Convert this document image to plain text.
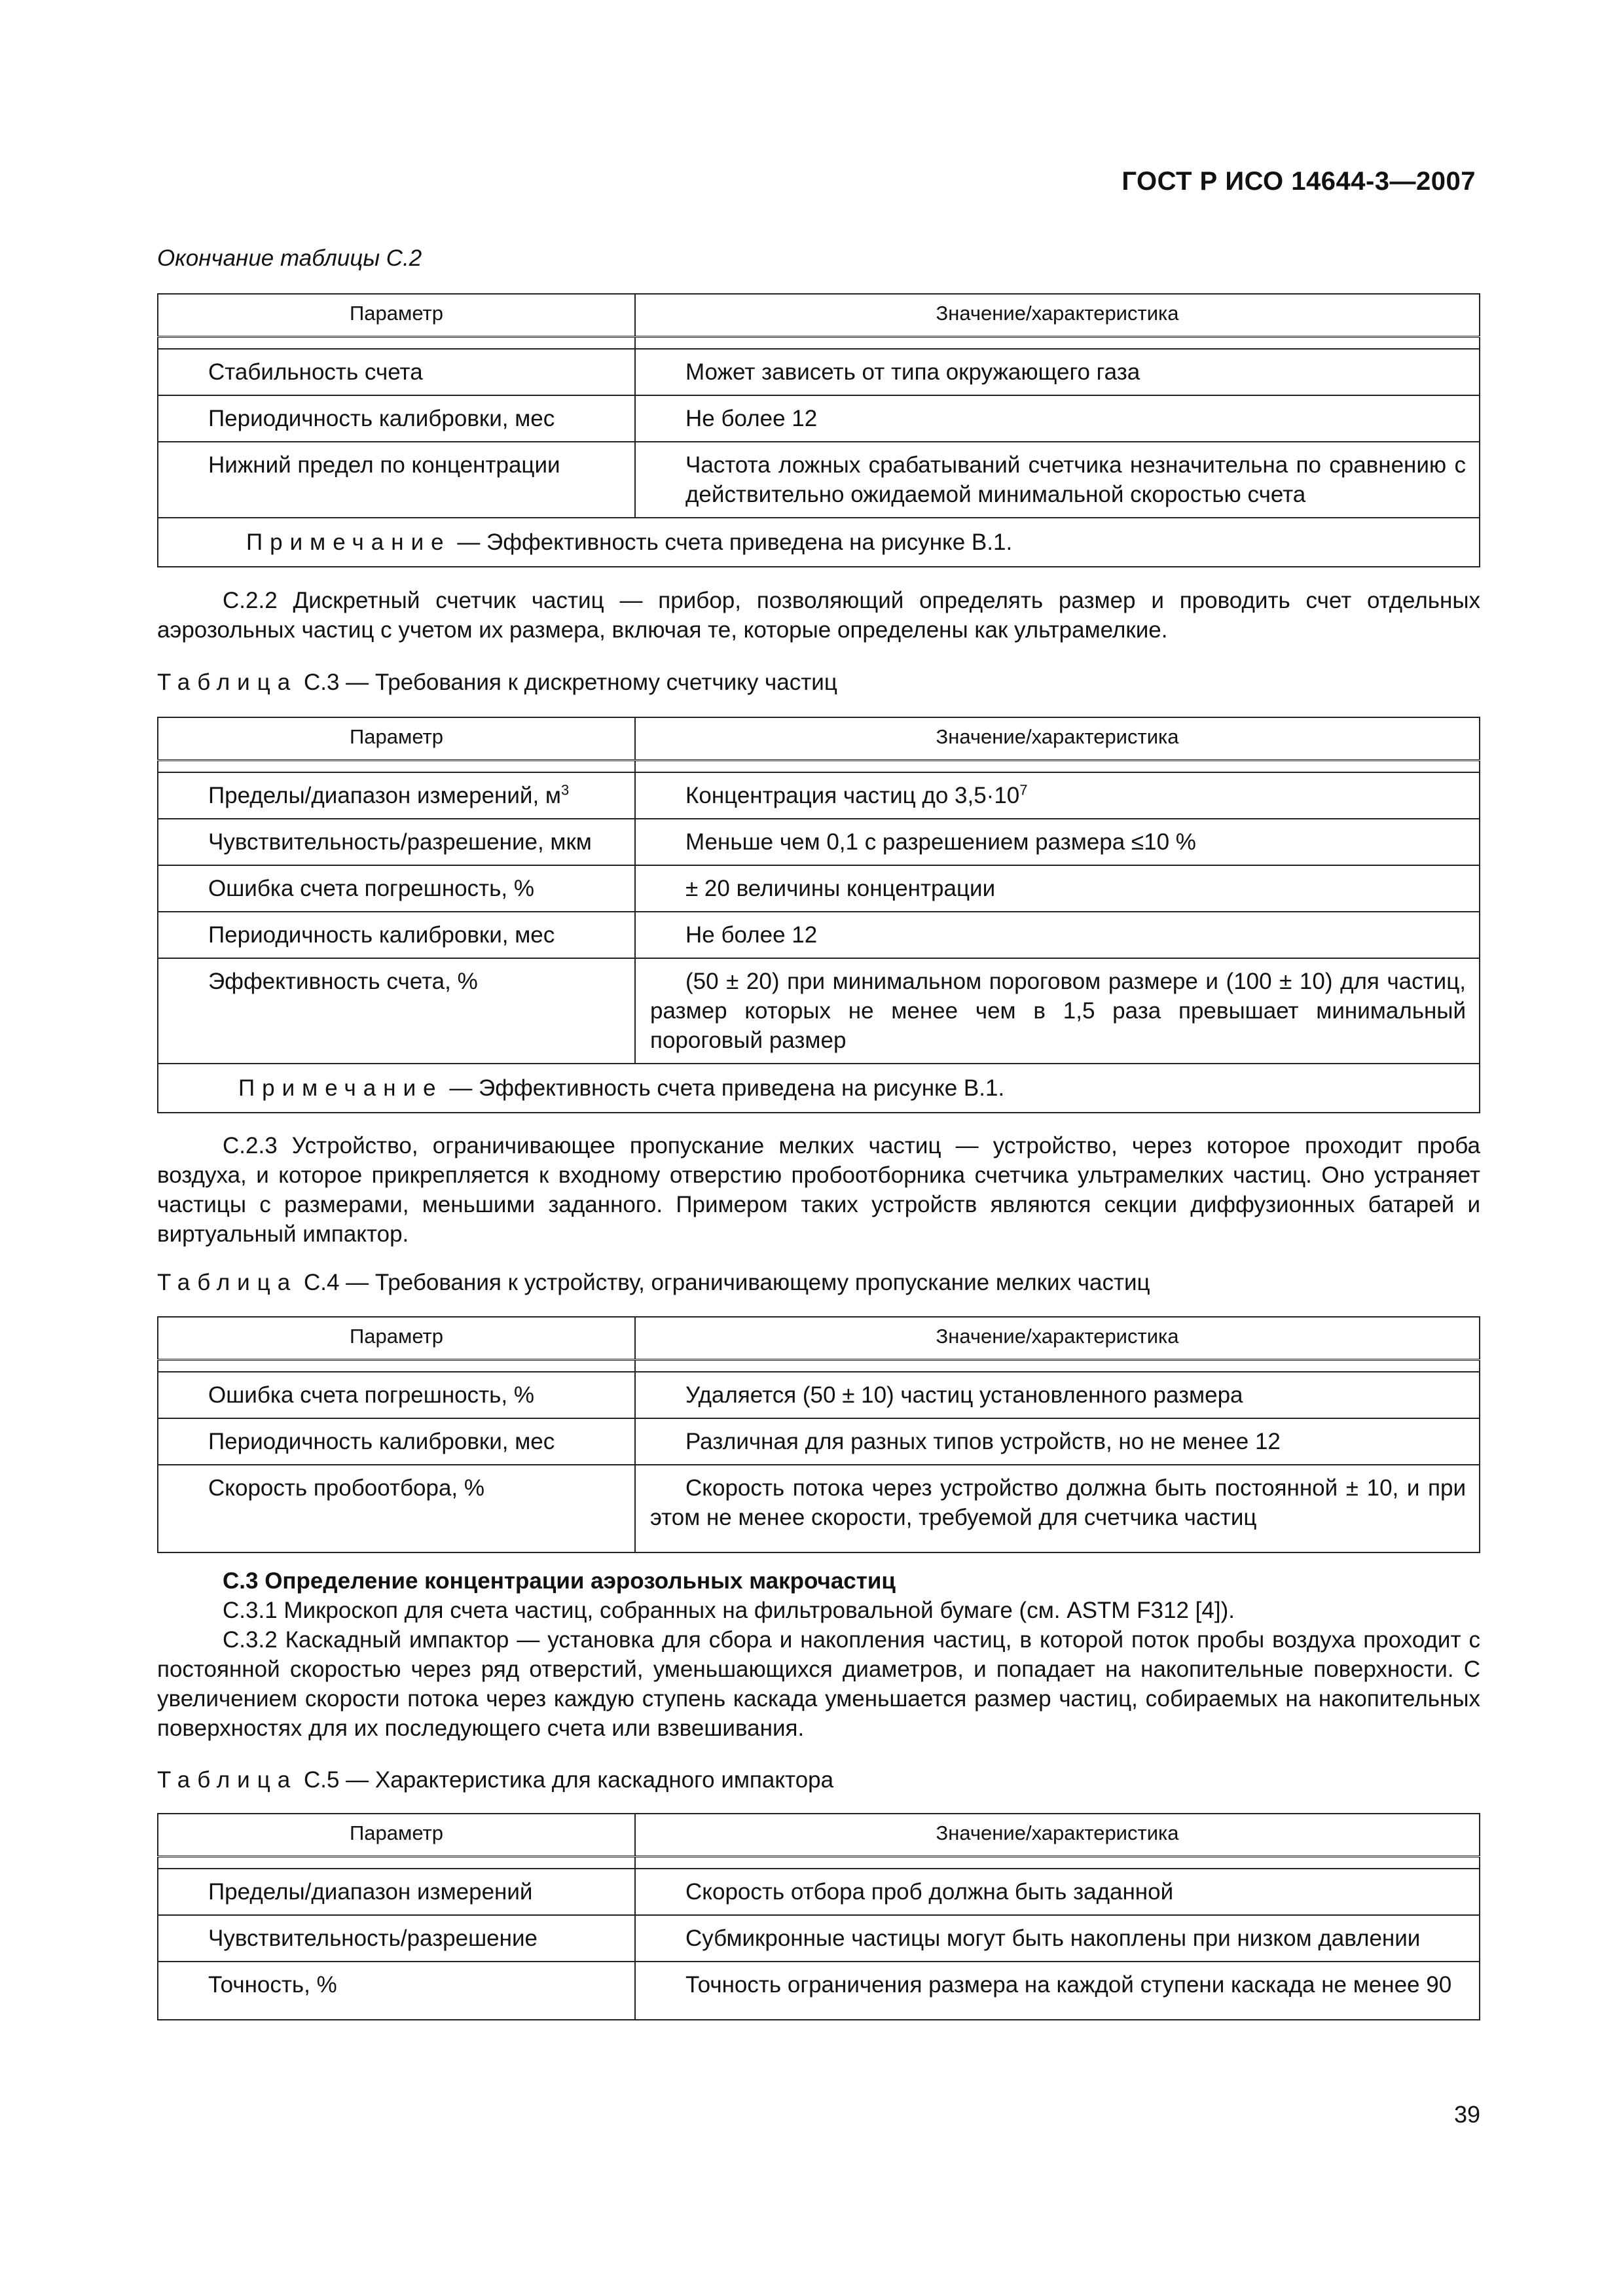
ГОСТ Р ИСО 14644-3—2007
Окончание таблицы С.2
Параметр	Значение/характеристика

Стабильность счета	Может зависеть от типа окружающего газа
Периодичность калибровки, мес	Не более 12
Нижний предел по концентрации	Частота ложных срабатываний счетчика незначительна по сравнению с действительно ожидаемой минимальной скоростью счета
Примечание — Эффективность счета приведена на рисунке В.1.	
С.2.2 Дискретный счетчик частиц — прибор, позволяющий определять размер и проводить счет отдельных аэрозольных частиц с учетом их размера, включая те, которые определены как ультрамелкие.
Таблица С.3 — Требования к дискретному счетчику частиц
Параметр	Значение/характеристика

Пределы/диапазон измерений, $м^3$	Концентрация частиц до $3,5\cdot 10^7$
Чувствительность/разрешение, мкм	Меньше чем 0,1 с разрешением размера ≤10 %
Ошибка счета погрешность, %	± 20 величины концентрации
Периодичность калибровки, мес	Не более 12
Эффективность счета, %	(50 ± 20) при минимальном пороговом размере и (100 ± 10) для частиц, размер которых не менее чем в 1,5 раза превышает минимальный пороговый размер
Примечание — Эффективность счета приведена на рисунке В.1.	
С.2.3 Устройство, ограничивающее пропускание мелких частиц — устройство, через которое проходит проба воздуха, и которое прикрепляется к входному отверстию пробоотборника счетчика ультрамелких частиц. Оно устраняет частицы с размерами, меньшими заданного. Примером таких устройств являются секции диффузионных батарей и виртуальный импактор.
Таблица С.4 — Требования к устройству, ограничивающему пропускание мелких частиц
Параметр	Значение/характеристика

Ошибка счета погрешность, %	Удаляется (50 ± 10) частиц установленного размера
Периодичность калибровки, мес	Различная для разных типов устройств, но не менее 12
Скорость пробоотбора, %	Скорость потока через устройство должна быть постоянной ± 10, и при этом не менее скорости, требуемой для счетчика частиц
С.3 Определение концентрации аэрозольных макрочастиц
С.3.1 Микроскоп для счета частиц, собранных на фильтровальной бумаге (см. ASTM F312 [4]).
С.3.2 Каскадный импактор — установка для сбора и накопления частиц, в которой поток пробы воздуха проходит с постоянной скоростью через ряд отверстий, уменьшающихся диаметров, и попадает на накопительные поверхности. С увеличением скорости потока через каждую ступень каскада уменьшается размер частиц, собираемых на накопительных поверхностях для их последующего счета или взвешивания.
Таблица С.5 — Характеристика для каскадного импактора
Параметр	Значение/характеристика

Пределы/диапазон измерений	Скорость отбора проб должна быть заданной
Чувствительность/разрешение	Субмикронные частицы могут быть накоплены при низком давлении
Точность, %	Точность ограничения размера на каждой ступени каскада не менее 90
39
